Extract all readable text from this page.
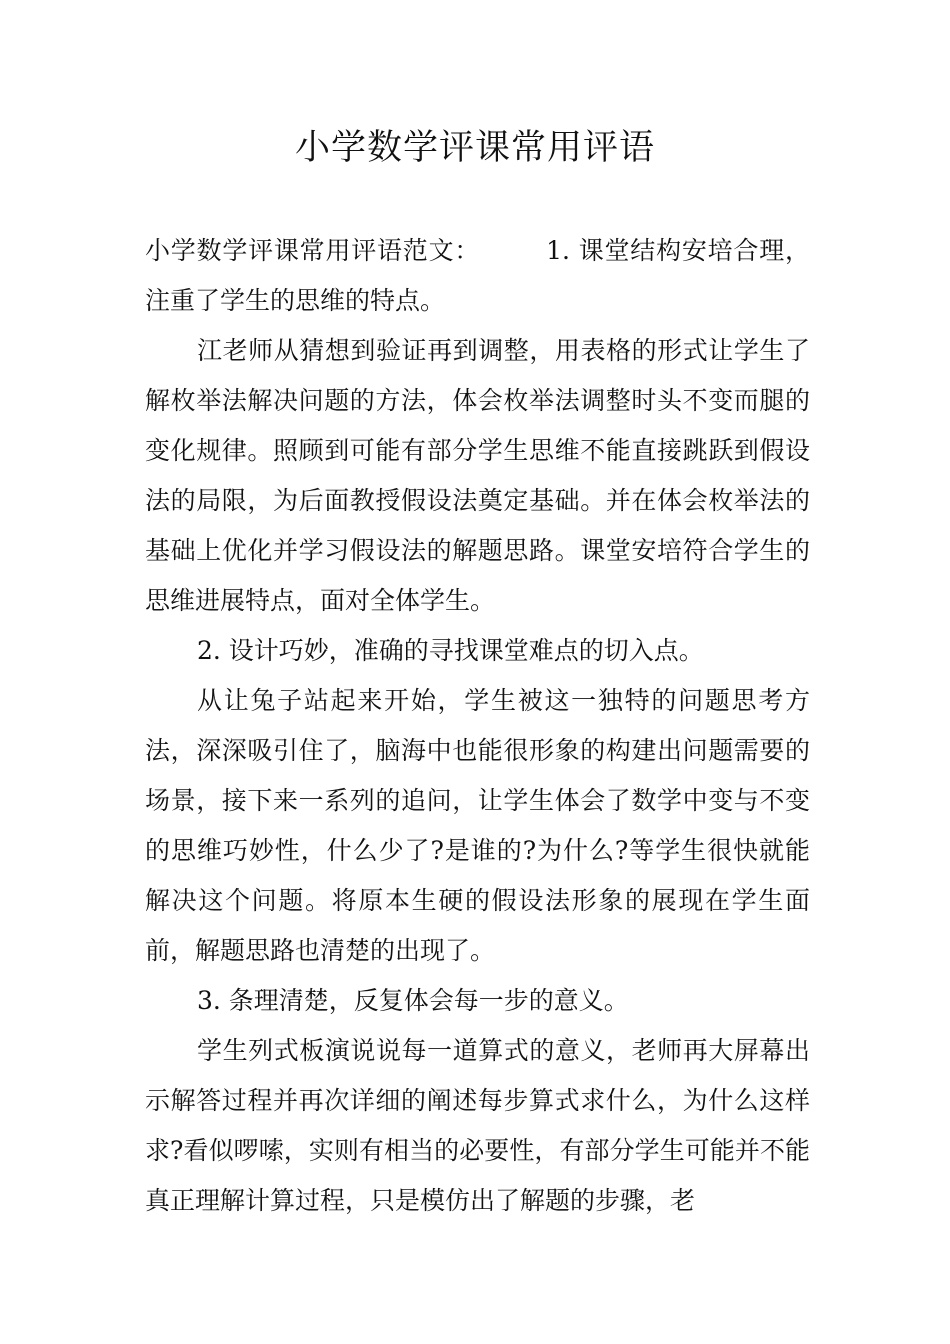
小学数学评课常用评语

小学数学评课常用评语范文：	1. 课堂结构安培合理，注重了学生的思维的特点。

江老师从猜想到验证再到调整，用表格的形式让学生了解枚举法解决问题的方法，体会枚举法调整时头不变而腿的变化规律。照顾到可能有部分学生思维不能直接跳跃到假设法的局限，为后面教授假设法奠定基础。并在体会枚举法的基础上优化并学习假设法的解题思路。课堂安培符合学生的思维进展特点，面对全体学生。

2. 设计巧妙，准确的寻找课堂难点的切入点。

从让兔子站起来开始，学生被这一独特的问题思考方法，深深吸引住了，脑海中也能很形象的构建出问题需要的场景，接下来一系列的追问，让学生体会了数学中变与不变的思维巧妙性，什么少了?是谁的?为什么?等学生很快就能解决这个问题。将原本生硬的假设法形象的展现在学生面前，解题思路也清楚的出现了。

3. 条理清楚，反复体会每一步的意义。

学生列式板演说说每一道算式的意义，老师再大屏幕出示解答过程并再次详细的阐述每步算式求什么，为什么这样求?看似啰嗦，实则有相当的必要性，有部分学生可能并不能真正理解计算过程，只是模仿出了解题的步骤，老
